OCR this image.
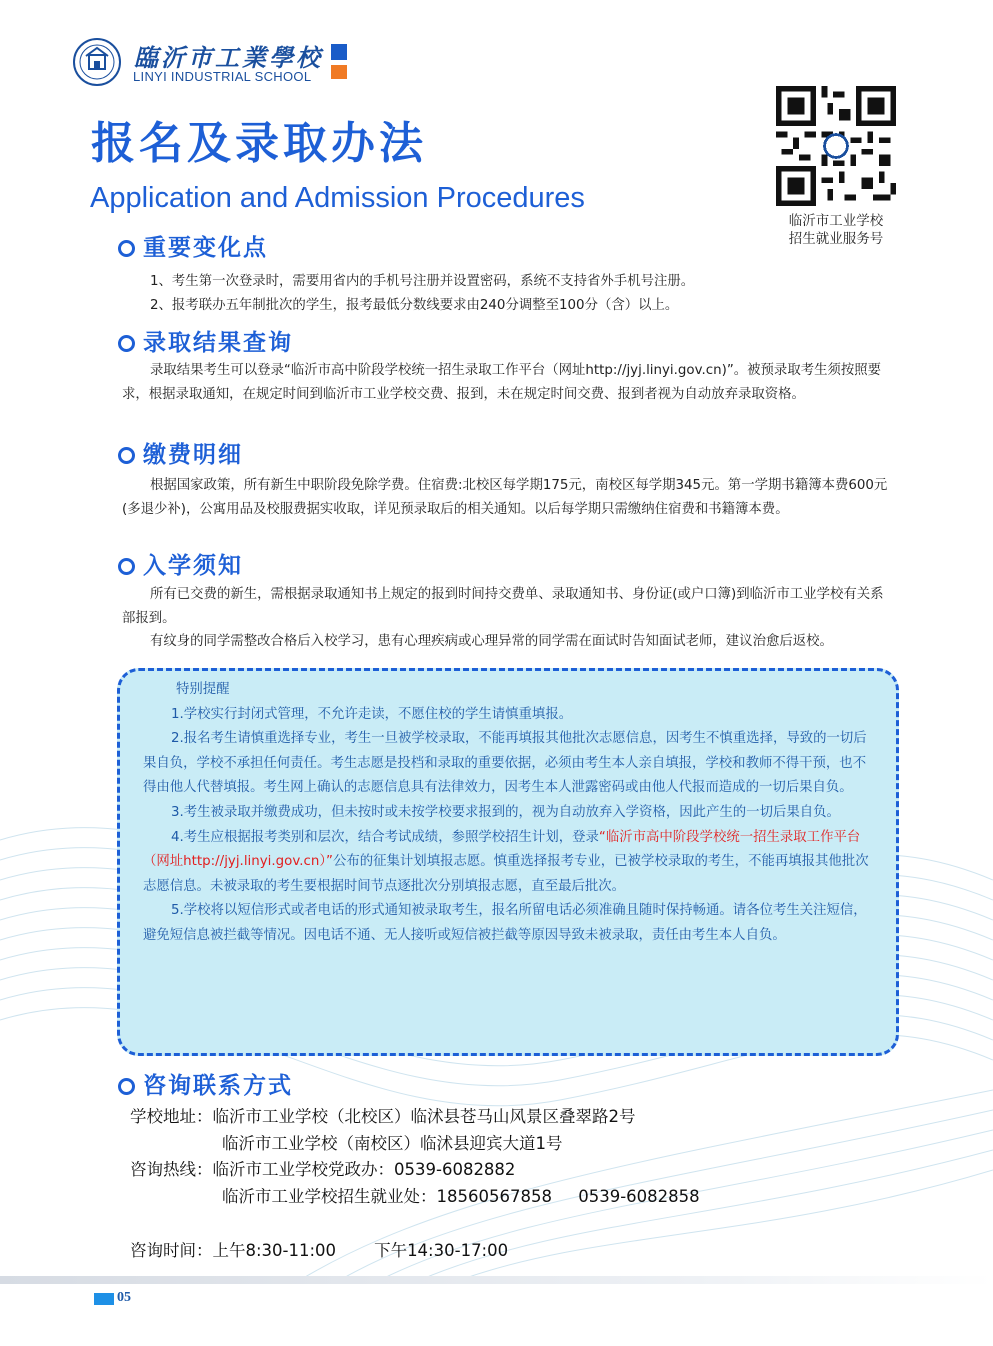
臨沂市工業學校
LINYI INDUSTRIAL SCHOOL
报名及录取办法
Application and Admission Procedures
临沂市工业学校
招生就业服务号
重要变化点

1、考生第一次登录时，需要用省内的手机号注册并设置密码，系统不支持省外手机号注册。

2、报考联办五年制批次的学生，报考最低分数线要求由240分调整至100分（含）以上。

录取结果查询

录取结果考生可以登录“临沂市高中阶段学校统一招生录取工作平台（网址http://jyj.linyi.gov.cn)”。被预录取考生须按照要求，根据录取通知，在规定时间到临沂市工业学校交费、报到，未在规定时间交费、报到者视为自动放弃录取资格。

缴费明细

根据国家政策，所有新生中职阶段免除学费。住宿费:北校区每学期175元，南校区每学期345元。第一学期书籍簿本费600元(多退少补)，公寓用品及校服费据实收取，详见预录取后的相关通知。以后每学期只需缴纳住宿费和书籍簿本费。

入学须知

所有已交费的新生，需根据录取通知书上规定的报到时间持交费单、录取通知书、身份证(或户口簿)到临沂市工业学校有关系部报到。

有纹身的同学需整改合格后入校学习，患有心理疾病或心理异常的同学需在面试时告知面试老师，建议治愈后返校。

特别提醒

1.学校实行封闭式管理，不允许走读，不愿住校的学生请慎重填报。

2.报名考生请慎重选择专业，考生一旦被学校录取，不能再填报其他批次志愿信息，因考生不慎重选择，导致的一切后果自负，学校不承担任何责任。考生志愿是投档和录取的重要依据，必须由考生本人亲自填报，学校和教师不得干预，也不得由他人代替填报。考生网上确认的志愿信息具有法律效力，因考生本人泄露密码或由他人代报而造成的一切后果自负。

3.考生被录取并缴费成功，但未按时或未按学校要求报到的，视为自动放弃入学资格，因此产生的一切后果自负。

4.考生应根据报考类别和层次，结合考试成绩，参照学校招生计划，登录“临沂市高中阶段学校统一招生录取工作平台（网址http://jyj.linyi.gov.cn）”公布的征集计划填报志愿。慎重选择报考专业，已被学校录取的考生，不能再填报其他批次志愿信息。未被录取的考生要根据时间节点逐批次分别填报志愿，直至最后批次。

5.学校将以短信形式或者电话的形式通知被录取考生，报名所留电话必须准确且随时保持畅通。请各位考生关注短信，避免短信息被拦截等情况。因电话不通、无人接听或短信被拦截等原因导致未被录取，责任由考生本人自负。

咨询联系方式
学校地址：临沂市工业学校（北校区）临沭县苍马山风景区叠翠路2号
临沂市工业学校（南校区）临沭县迎宾大道1号
咨询热线：临沂市工业学校党政办：0539-6082882
临沂市工业学校招生就业处：18560567858     0539-6082858
咨询时间：上午8:30-11:00 下午14:30-17:00
05
